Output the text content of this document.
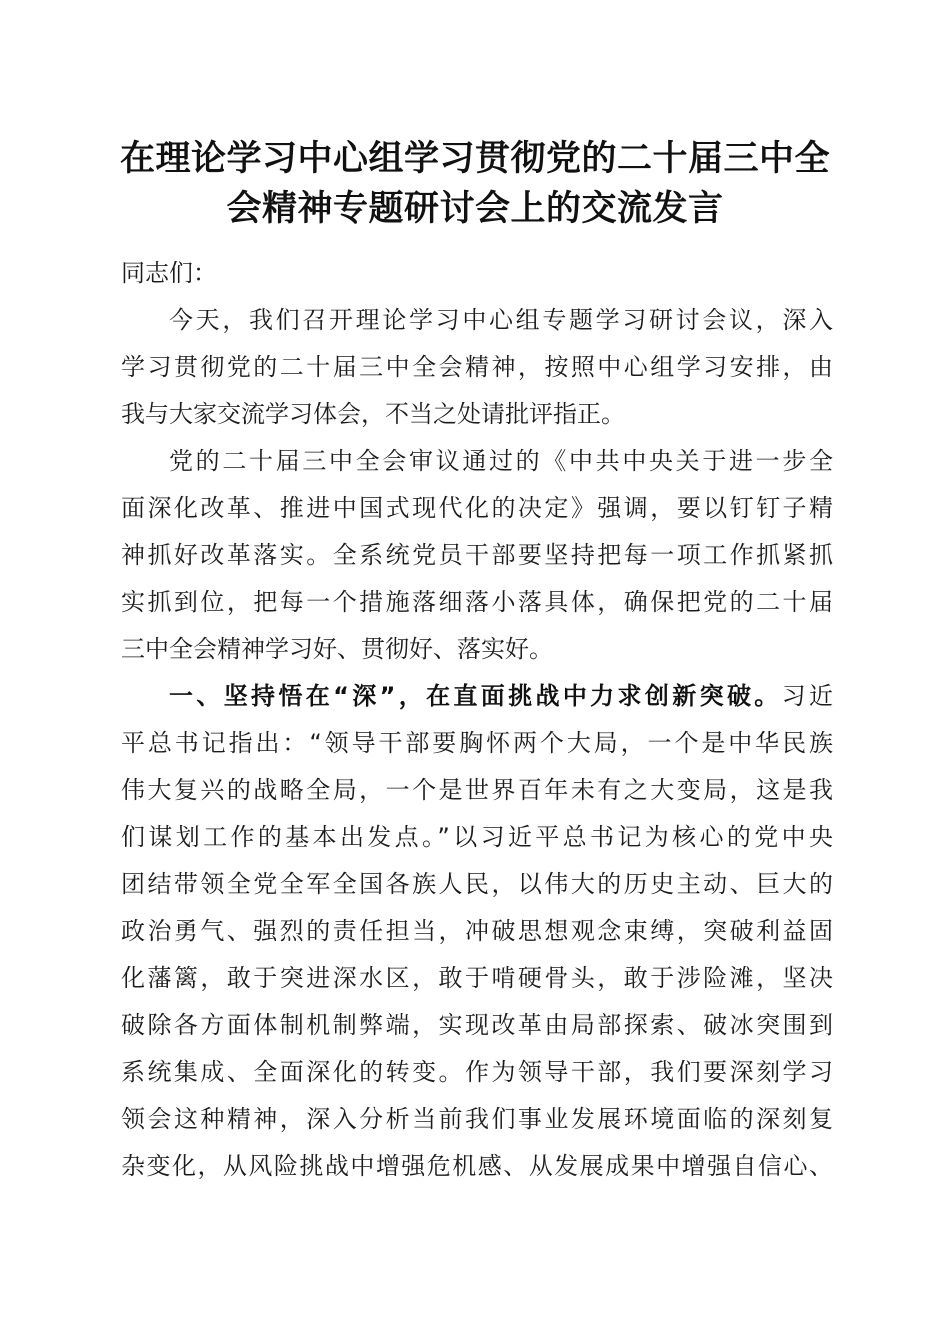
在理论学习中心组学习贯彻党的二十届三中全
会精神专题研讨会上的交流发言
同志们：
今天，我们召开理论学习中心组专题学习研讨会议，深入
学习贯彻党的二十届三中全会精神，按照中心组学习安排，由
我与大家交流学习体会，不当之处请批评指正。
党的二十届三中全会审议通过的《中共中央关于进一步全
面深化改革、推进中国式现代化的决定》强调，要以钉钉子精
神抓好改革落实。全系统党员干部要坚持把每一项工作抓紧抓
实抓到位，把每一个措施落细落小落具体，确保把党的二十届
三中全会精神学习好、贯彻好、落实好。
一、坚持悟在“深”，在直面挑战中力求创新突破。习近
平总书记指出：“领导干部要胸怀两个大局，一个是中华民族
伟大复兴的战略全局，一个是世界百年未有之大变局，这是我
们谋划工作的基本出发点。”以习近平总书记为核心的党中央
团结带领全党全军全国各族人民，以伟大的历史主动、巨大的
政治勇气、强烈的责任担当，冲破思想观念束缚，突破利益固
化藩篱，敢于突进深水区，敢于啃硬骨头，敢于涉险滩，坚决
破除各方面体制机制弊端，实现改革由局部探索、破冰突围到
系统集成、全面深化的转变。作为领导干部，我们要深刻学习
领会这种精神，深入分析当前我们事业发展环境面临的深刻复
杂变化，从风险挑战中增强危机感、从发展成果中增强自信心、
